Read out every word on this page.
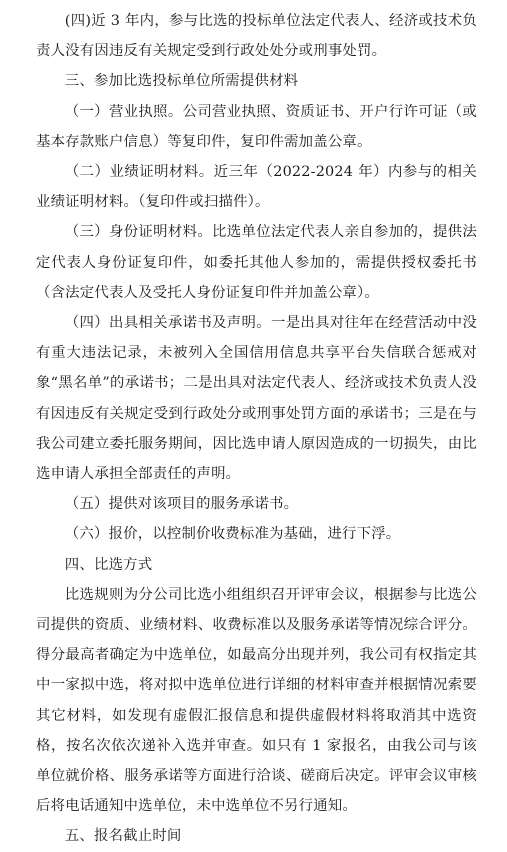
(四)近 3 年内，参与比选的投标单位法定代表人、经济或技术负责人没有因违反有关规定受到行政处处分或刑事处罚。

三、参加比选投标单位所需提供材料

（一）营业执照。公司营业执照、资质证书、开户行许可证（或基本存款账户信息）等复印件，复印件需加盖公章。

（二）业绩证明材料。近三年（2022-2024 年）内参与的相关业绩证明材料。（复印件或扫描件）。

（三）身份证明材料。比选单位法定代表人亲自参加的，提供法定代表人身份证复印件，如委托其他人参加的，需提供授权委托书（含法定代表人及受托人身份证复印件并加盖公章）。

（四）出具相关承诺书及声明。一是出具对往年在经营活动中没有重大违法记录，未被列入全国信用信息共享平台失信联合惩戒对象“黑名单”的承诺书；二是出具对法定代表人、经济或技术负责人没有因违反有关规定受到行政处分或刑事处罚方面的承诺书；三是在与我公司建立委托服务期间，因比选申请人原因造成的一切损失，由比选申请人承担全部责任的声明。

（五）提供对该项目的服务承诺书。

（六）报价，以控制价收费标准为基础，进行下浮。

四、比选方式

比选规则为分公司比选小组组织召开评审会议，根据参与比选公司提供的资质、业绩材料、收费标准以及服务承诺等情况综合评分。得分最高者确定为中选单位，如最高分出现并列，我公司有权指定其中一家拟中选，将对拟中选单位进行详细的材料审查并根据情况索要其它材料，如发现有虚假汇报信息和提供虚假材料将取消其中选资格，按名次依次递补入选并审查。如只有 1 家报名，由我公司与该单位就价格、服务承诺等方面进行洽谈、磋商后决定。评审会议审核后将电话通知中选单位，未中选单位不另行通知。

五、报名截止时间
